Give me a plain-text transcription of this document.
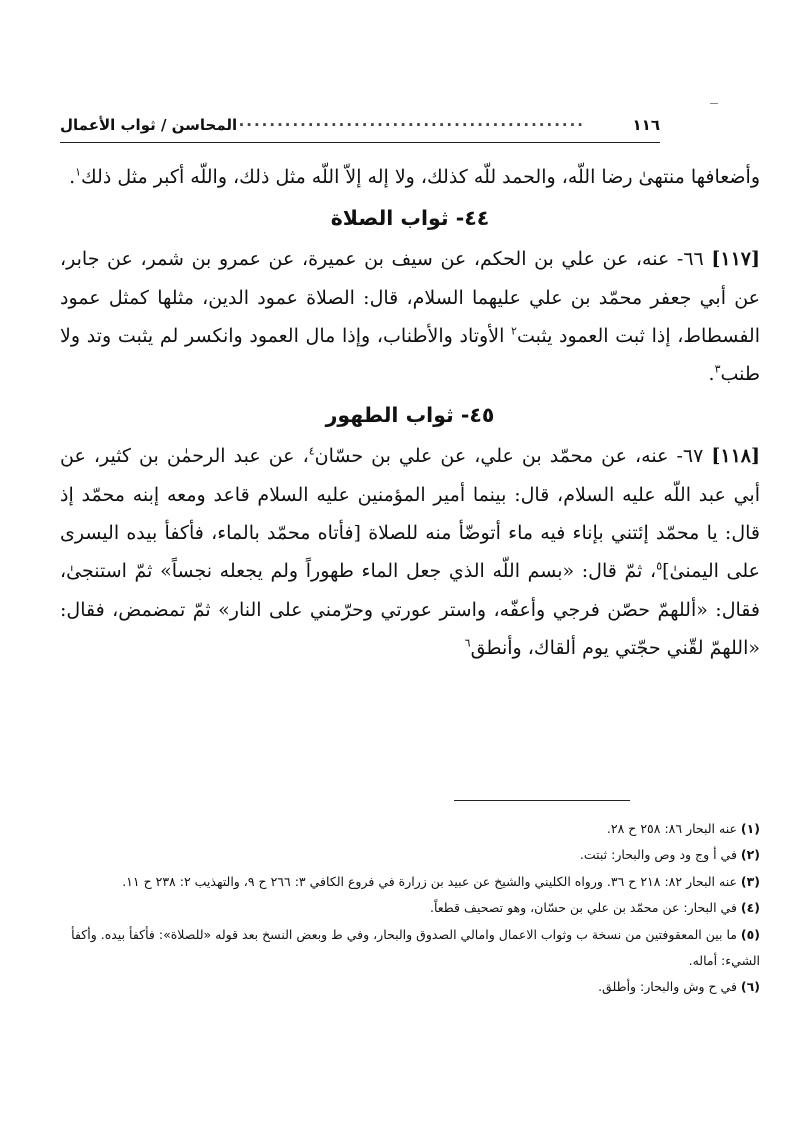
١١٦
.............................................
المحاسن / ثواب الأعمال

وأضعافها منتهىٰ رضا اللّه، والحمد للّه كذلك، ولا إله إلاّ اللّه مثل ذلك، واللّه أكبر مثل ذلك$^١$.

٤٤- ثواب الصلاة

[١١٧] ٦٦- عنه، عن علي بن الحكم، عن سيف بن عميرة، عن عمرو بن شمر، عن جابر، عن أبي جعفر محمّد بن علي عليهما السلام، قال: الصلاة عمود الدين، مثلها كمثل عمود الفسطاط، إذا ثبت العمود يثبت$^٢$ الأوتاد والأطناب، وإذا مال العمود وانكسر لم يثبت وتد ولا طنب$^٣$.

٤٥- ثواب الطهور

[١١٨] ٦٧- عنه، عن محمّد بن علي، عن علي بن حسّان$^٤$، عن عبد الرحمٰن بن كثير، عن أبي عبد اللّه عليه السلام، قال: بينما أمير المؤمنين عليه السلام قاعد ومعه إبنه محمّد إذ قال: يا محمّد إئتني بإناء فيه ماء أتوضّأ منه للصلاة [فأتاه محمّد بالماء، فأكفأ بيده اليسرى على اليمنىٰ]$^٥$، ثمّ قال: «بسم اللّه الذي جعل الماء طهوراً ولم يجعله نجساً» ثمّ استنجىٰ، فقال: «أللهمّ حصّن فرجي وأعفّه، واستر عورتي وحرّمني على النار» ثمّ تمضمض، فقال: «اللهمّ لقّني حجّتي يوم ألقاك، وأنطق$^٦$

(١) عنه البحار ٨٦: ٢٥٨ ح ٢٨.

(٢) في أ وج ود وص والبحار: ثبتت.

(٣) عنه البحار ٨٢: ٢١٨ ح ٣٦. ورواه الكليني والشيخ عن عبيد بن زرارة في فروع الكافي ٣: ٢٦٦ ح ٩، والتهذيب ٢: ٢٣٨ ح ١١.

(٤) في البحار: عن محمّد بن علي بن حسّان، وهو تصحيف قطعاً.

(٥) ما بين المعقوفتين من نسخة ب وثواب الاعمال وامالي الصدوق والبحار، وفي ط وبعض النسخ بعد قوله «للصلاة»: فأكفأ بيده. وأكفأ الشيء: أماله.

(٦) في ح وش والبحار: وأطلق.
